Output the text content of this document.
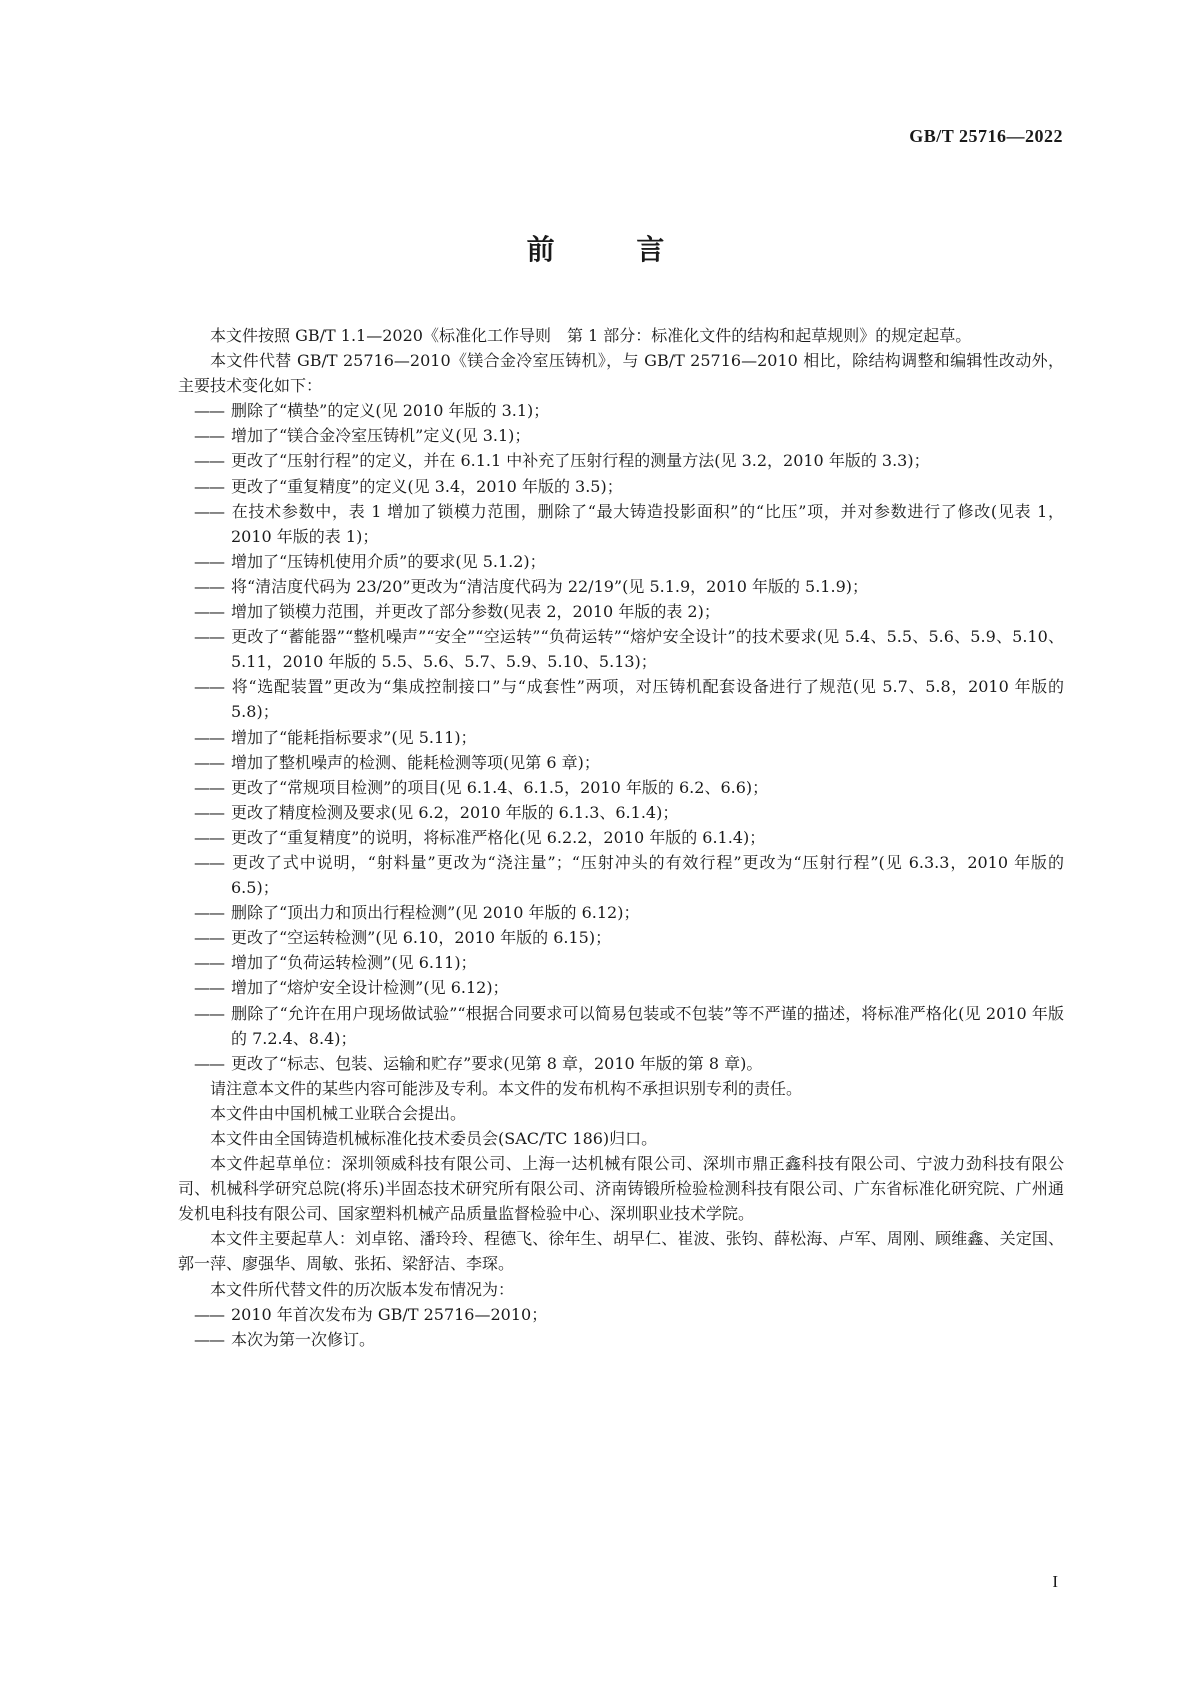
GB/T 25716—2022
前 言

本文件按照 GB/T 1.1—2020《标准化工作导则　第 1 部分：标准化文件的结构和起草规则》的规定起草。

本文件代替 GB/T 25716—2010《镁合金冷室压铸机》，与 GB/T 25716—2010 相比，除结构调整和编辑性改动外，主要技术变化如下：

—— 删除了“横垫”的定义(见 2010 年版的 3.1)；

—— 增加了“镁合金冷室压铸机”定义(见 3.1)；

—— 更改了“压射行程”的定义，并在 6.1.1 中补充了压射行程的测量方法(见 3.2，2010 年版的 3.3)；

—— 更改了“重复精度”的定义(见 3.4，2010 年版的 3.5)；

—— 在技术参数中，表 1 增加了锁模力范围，删除了“最大铸造投影面积”的“比压”项，并对参数进行了修改(见表 1，2010 年版的表 1)；

—— 增加了“压铸机使用介质”的要求(见 5.1.2)；

—— 将“清洁度代码为 23/20”更改为“清洁度代码为 22/19”(见 5.1.9，2010 年版的 5.1.9)；

—— 增加了锁模力范围，并更改了部分参数(见表 2，2010 年版的表 2)；

—— 更改了“蓄能器”“整机噪声”“安全”“空运转”“负荷运转”“熔炉安全设计”的技术要求(见 5.4、5.5、5.6、5.9、5.10、5.11，2010 年版的 5.5、5.6、5.7、5.9、5.10、5.13)；

—— 将“选配装置”更改为“集成控制接口”与“成套性”两项，对压铸机配套设备进行了规范(见 5.7、5.8，2010 年版的 5.8)；

—— 增加了“能耗指标要求”(见 5.11)；

—— 增加了整机噪声的检测、能耗检测等项(见第 6 章)；

—— 更改了“常规项目检测”的项目(见 6.1.4、6.1.5，2010 年版的 6.2、6.6)；

—— 更改了精度检测及要求(见 6.2，2010 年版的 6.1.3、6.1.4)；

—— 更改了“重复精度”的说明，将标准严格化(见 6.2.2，2010 年版的 6.1.4)；

—— 更改了式中说明，“射料量”更改为“浇注量”；“压射冲头的有效行程”更改为“压射行程”(见 6.3.3，2010 年版的 6.5)；

—— 删除了“顶出力和顶出行程检测”(见 2010 年版的 6.12)；

—— 更改了“空运转检测”(见 6.10，2010 年版的 6.15)；

—— 增加了“负荷运转检测”(见 6.11)；

—— 增加了“熔炉安全设计检测”(见 6.12)；

—— 删除了“允许在用户现场做试验”“根据合同要求可以简易包装或不包装”等不严谨的描述，将标准严格化(见 2010 年版的 7.2.4、8.4)；

—— 更改了“标志、包装、运输和贮存”要求(见第 8 章，2010 年版的第 8 章)。

请注意本文件的某些内容可能涉及专利。本文件的发布机构不承担识别专利的责任。

本文件由中国机械工业联合会提出。

本文件由全国铸造机械标准化技术委员会(SAC/TC 186)归口。

本文件起草单位：深圳领威科技有限公司、上海一达机械有限公司、深圳市鼎正鑫科技有限公司、宁波力劲科技有限公司、机械科学研究总院(将乐)半固态技术研究所有限公司、济南铸锻所检验检测科技有限公司、广东省标准化研究院、广州通发机电科技有限公司、国家塑料机械产品质量监督检验中心、深圳职业技术学院。

本文件主要起草人：刘卓铭、潘玲玲、程德飞、徐年生、胡早仁、崔波、张钧、薛松海、卢军、周刚、顾维鑫、关定国、郭一萍、廖强华、周敏、张拓、梁舒洁、李琛。

本文件所代替文件的历次版本发布情况为：

—— 2010 年首次发布为 GB/T 25716—2010；

—— 本次为第一次修订。

I
